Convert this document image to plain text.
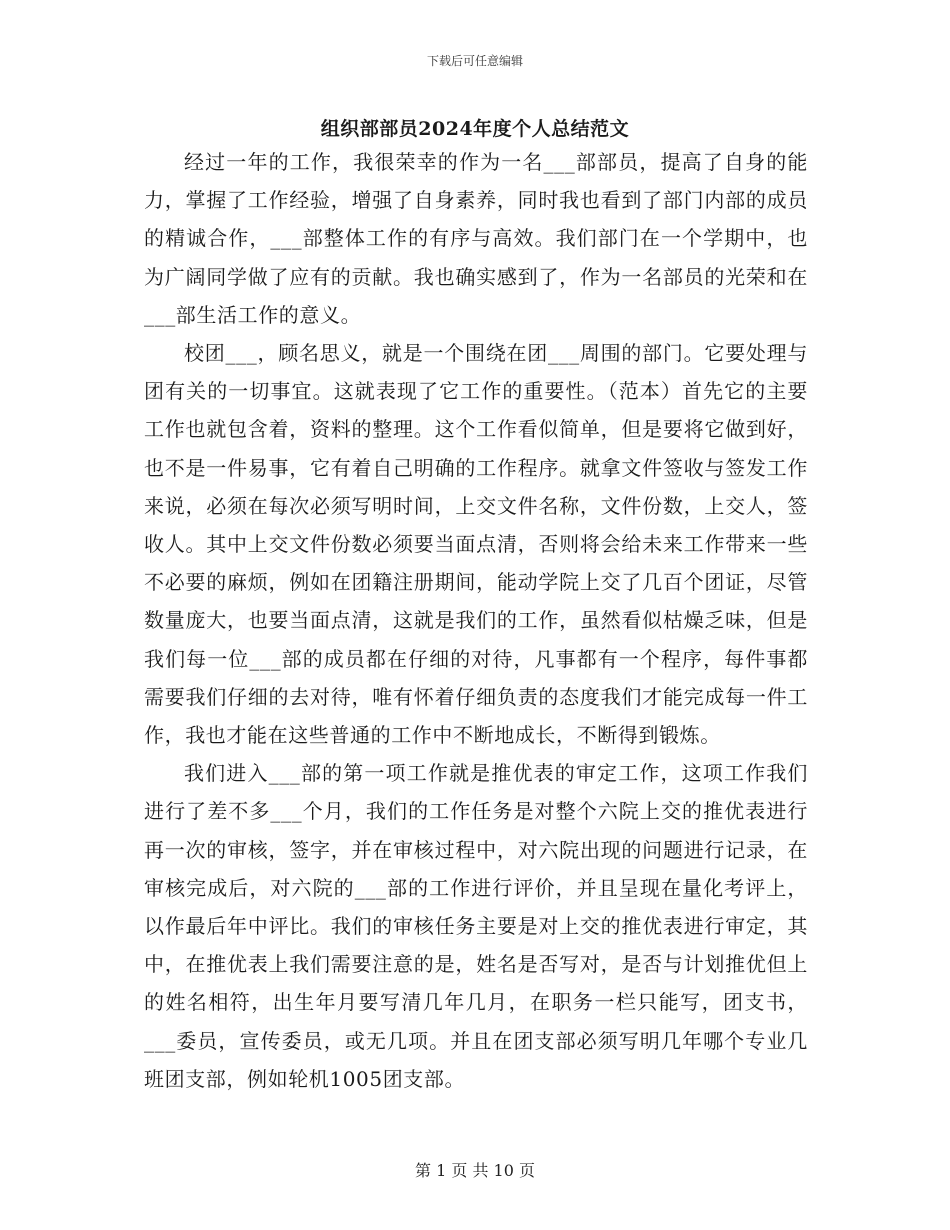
下载后可任意编辑
组织部部员2024年度个人总结范文

经过一年的工作，我很荣幸的作为一名___部部员，提高了自身的能力，掌握了工作经验，增强了自身素养，同时我也看到了部门内部的成员的精诚合作，___部整体工作的有序与高效。我们部门在一个学期中，也为广阔同学做了应有的贡献。我也确实感到了，作为一名部员的光荣和在___部生活工作的意义。

校团___，顾名思义，就是一个围绕在团___周围的部门。它要处理与团有关的一切事宜。这就表现了它工作的重要性。（范本）首先它的主要工作也就包含着，资料的整理。这个工作看似简单，但是要将它做到好，也不是一件易事，它有着自己明确的工作程序。就拿文件签收与签发工作来说，必须在每次必须写明时间，上交文件名称，文件份数，上交人，签收人。其中上交文件份数必须要当面点清，否则将会给未来工作带来一些不必要的麻烦，例如在团籍注册期间，能动学院上交了几百个团证，尽管数量庞大，也要当面点清，这就是我们的工作，虽然看似枯燥乏味，但是我们每一位___部的成员都在仔细的对待，凡事都有一个程序，每件事都需要我们仔细的去对待，唯有怀着仔细负责的态度我们才能完成每一件工作，我也才能在这些普通的工作中不断地成长，不断得到锻炼。

我们进入___部的第一项工作就是推优表的审定工作，这项工作我们进行了差不多___个月，我们的工作任务是对整个六院上交的推优表进行再一次的审核，签字，并在审核过程中，对六院出现的问题进行记录，在审核完成后，对六院的___部的工作进行评价，并且呈现在量化考评上，以作最后年中评比。我们的审核任务主要是对上交的推优表进行审定，其中，在推优表上我们需要注意的是，姓名是否写对，是否与计划推优但上的姓名相符，出生年月要写清几年几月，在职务一栏只能写，团支书，___委员，宣传委员，或无几项。并且在团支部必须写明几年哪个专业几班团支部，例如轮机1005团支部。

第 1 页 共 10 页
